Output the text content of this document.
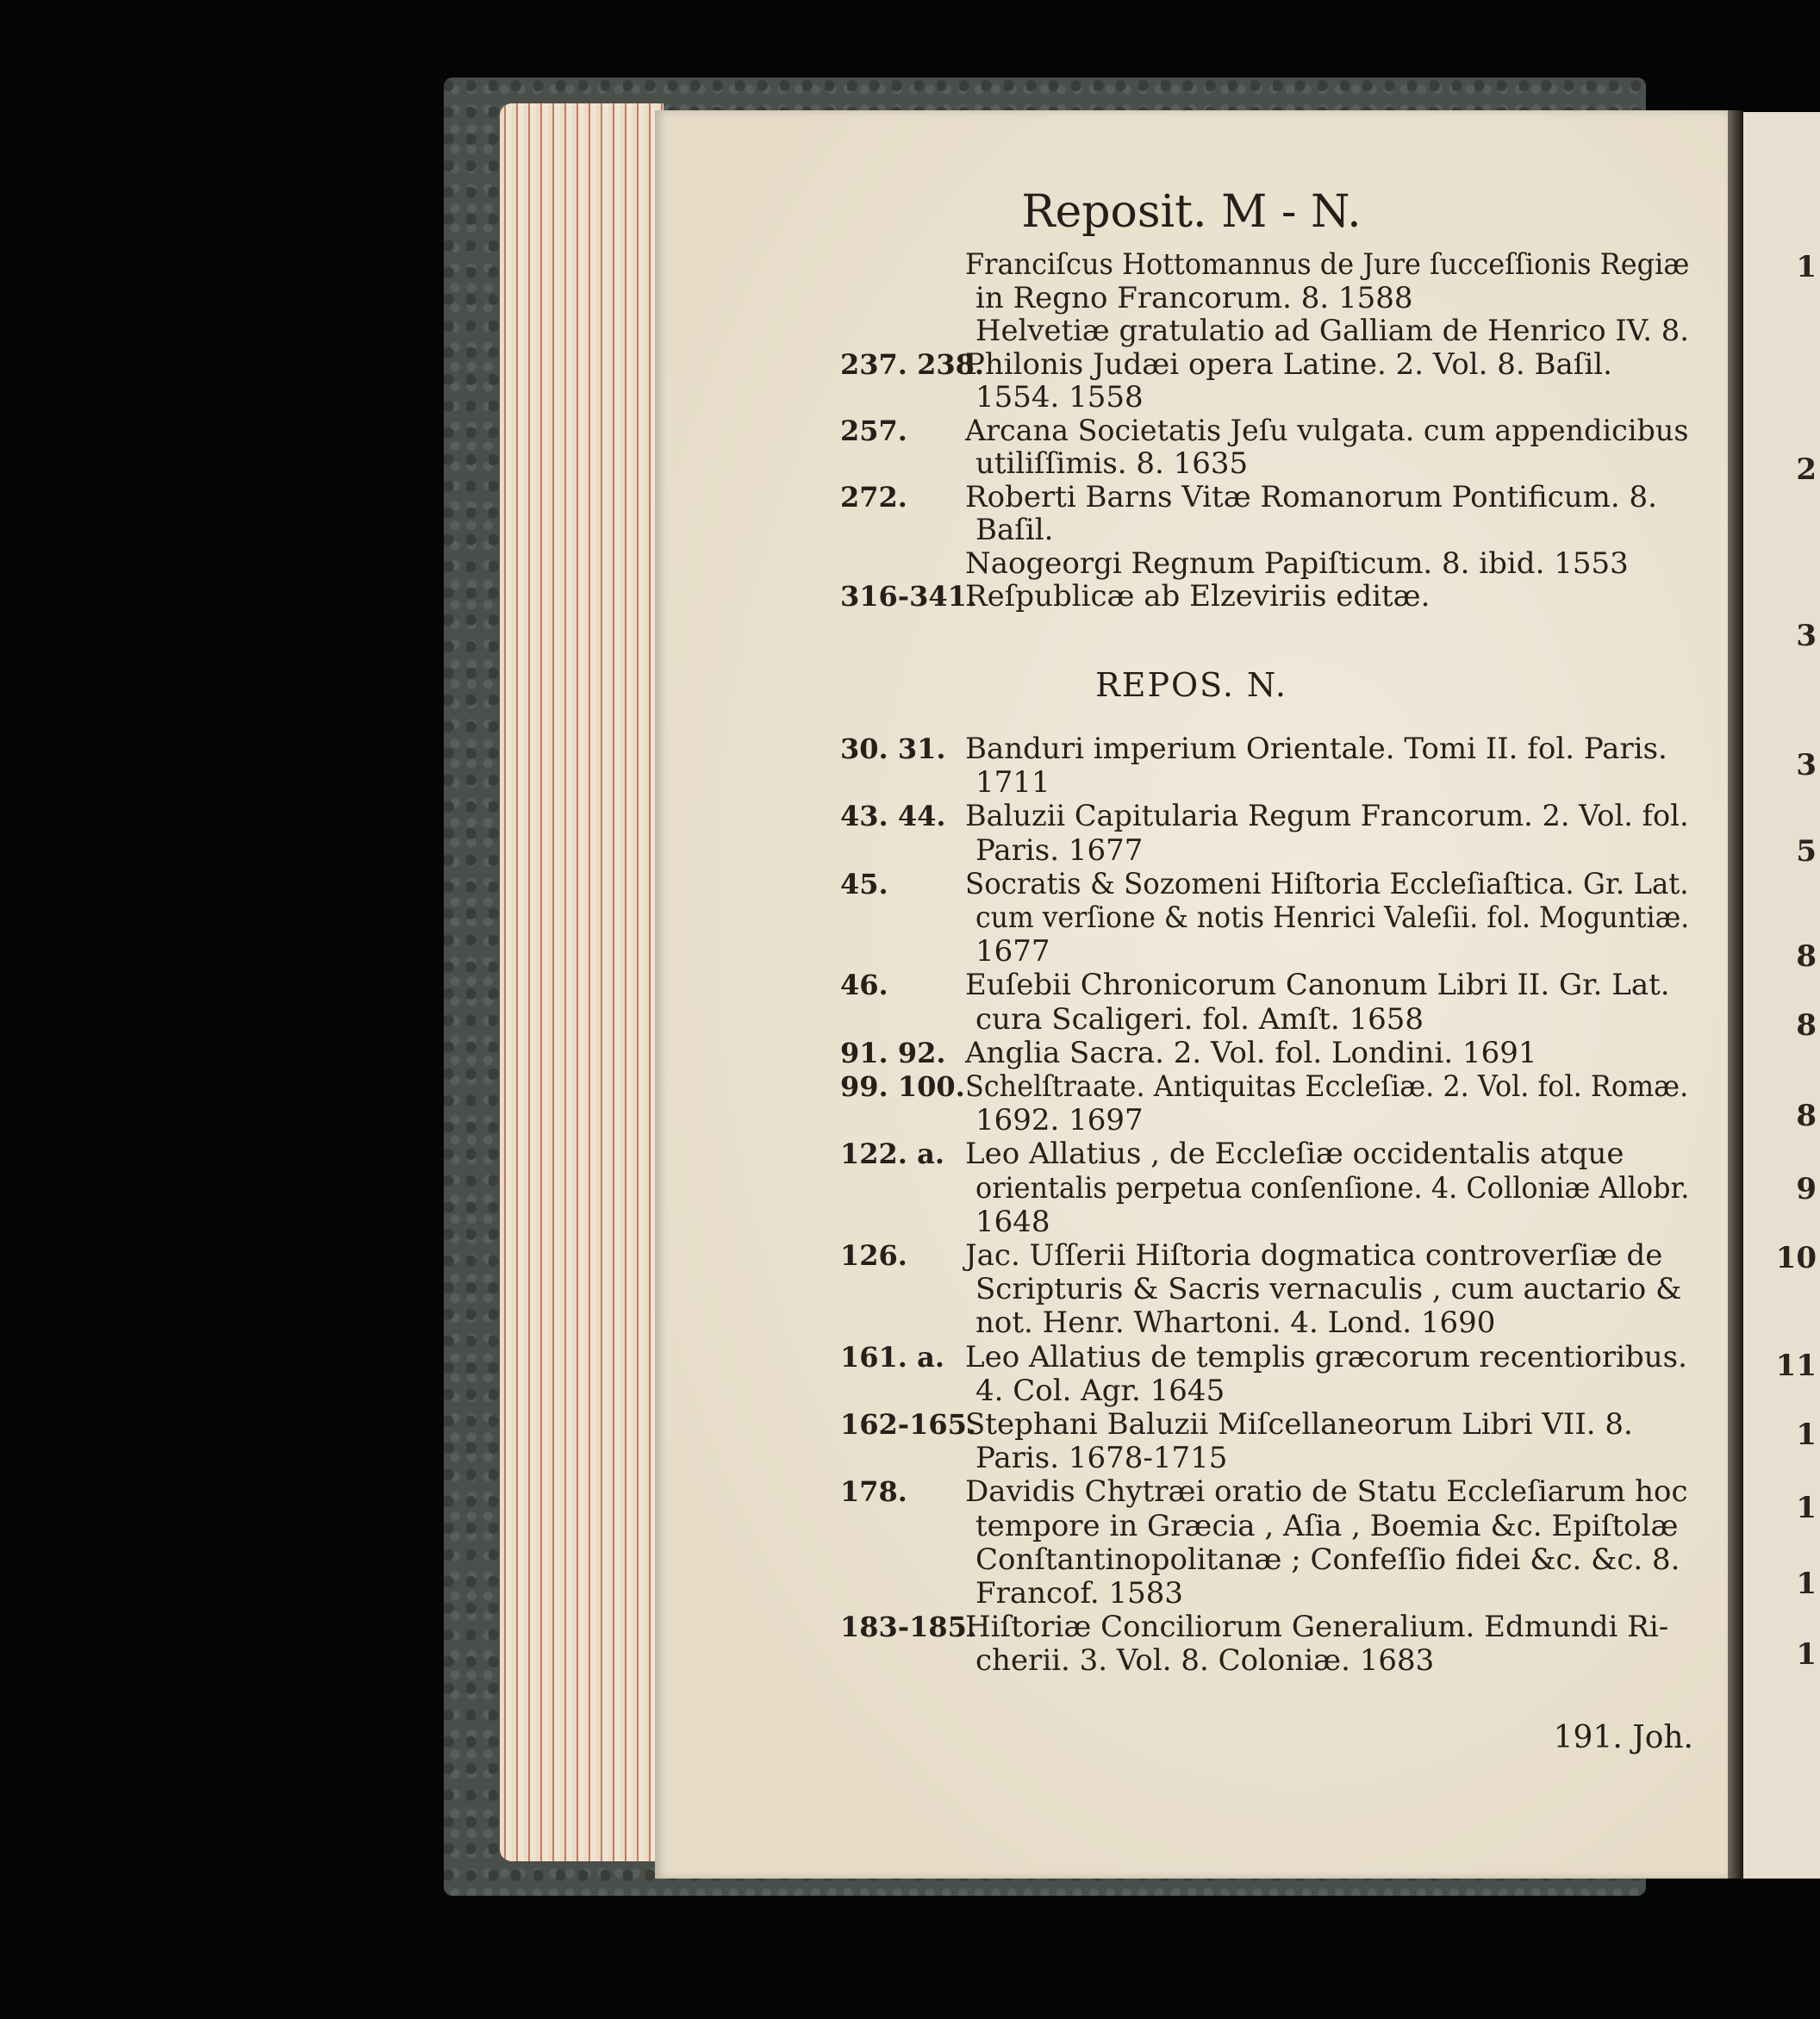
1
2
3
3
5
8
8
8
9
10
11
1
1
1
1
Reposit. M - N.
Franciſcus Hottomannus de Jure ſucceſſionis Regiæ
in Regno Francorum. 8. 1588
Helvetiæ gratulatio ad Galliam de Henrico IV. 8.
237. 238.
Philonis Judæi opera Latine. 2. Vol. 8. Baſil.
1554. 1558
257. Arcana Societatis Jeſu vulgata. cum appendicibus
utiliſſimis. 8. 1635
272. Roberti Barns Vitæ Romanorum Pontificum. 8.
Baſil.
Naogeorgi Regnum Papiſticum. 8. ibid. 1553
316-341.
Reſpublicæ ab Elzeviriis editæ.
REPOS. N.
30. 31. Banduri imperium Orientale. Tomi II. fol. Paris.
1711
43. 44. Baluzii Capitularia Regum Francorum. 2. Vol. fol.
Paris. 1677
45.	Socratis & Sozomeni Hiſtoria Eccleſiaſtica. Gr. Lat.
cum verſione & notis Henrici Valeſii. fol. Moguntiæ.
1677
46.	Euſebii Chronicorum Canonum Libri II. Gr. Lat.
cura Scaligeri. fol. Amſt. 1658
91. 92. Anglia Sacra. 2. Vol. fol. Londini. 1691
99. 100. Schelſtraate. Antiquitas Eccleſiæ. 2. Vol. fol. Romæ.
1692. 1697
122. a. Leo Allatius , de Eccleſiæ occidentalis atque
orientalis perpetua conſenſione. 4. Colloniæ Allobr.
1648
126. Jac. Uſſerii Hiſtoria dogmatica controverſiæ de
Scripturis & Sacris vernaculis , cum auctario &
not. Henr. Whartoni. 4. Lond. 1690
161. a. Leo Allatius de templis græcorum recentioribus.
4. Col. Agr. 1645
162-165.
Stephani Baluzii Miſcellaneorum Libri VII. 8.
Paris. 1678-1715
178. Davidis Chytræi oratio de Statu Eccleſiarum hoc
tempore in Græcia , Aſia , Boemia &c. Epiſtolæ
Conſtantinopolitanæ ; Confeſſio fidei &c. &c. 8.
Francof. 1583
183-185.
Hiſtoriæ Conciliorum Generalium. Edmundi Ri-
cherii. 3. Vol. 8. Coloniæ. 1683
191. Joh.
